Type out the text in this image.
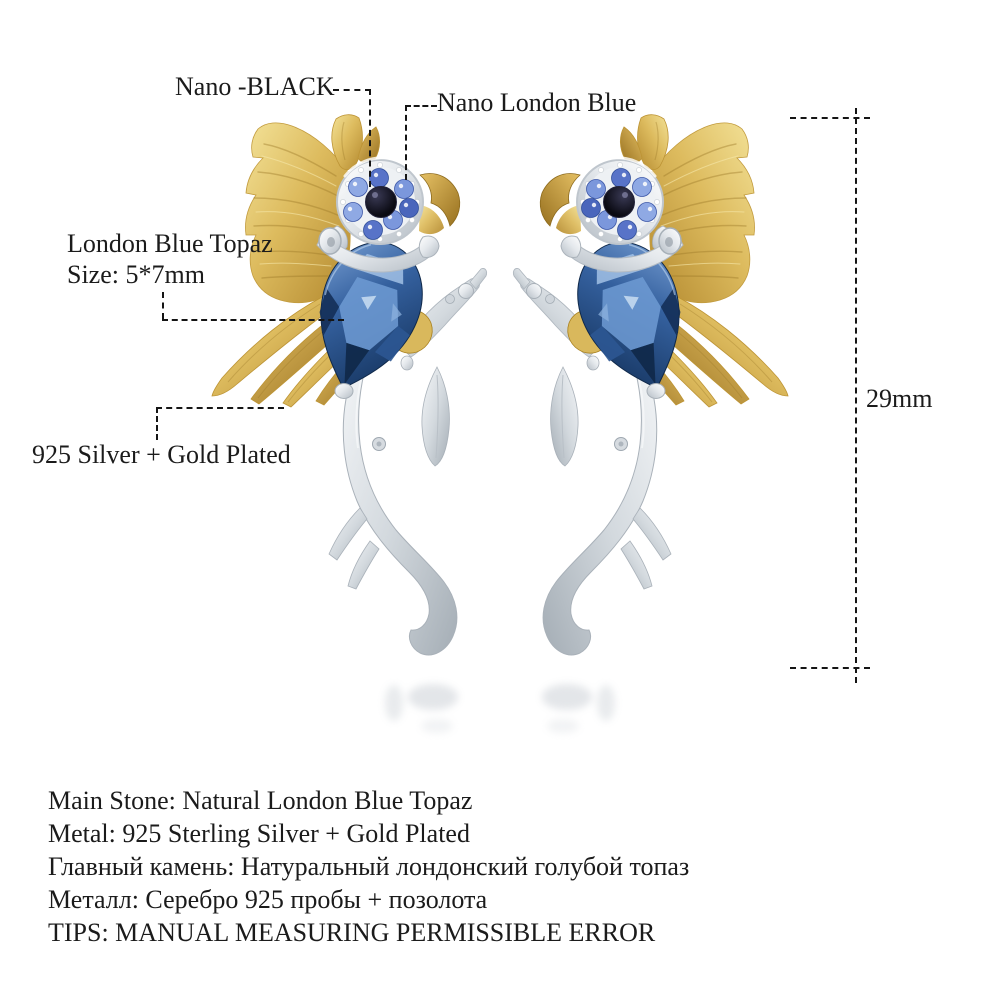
Nano -BLACK
Nano London Blue
London Blue Topaz
Size: 5*7mm
925 Silver + Gold Plated
29mm
Main Stone: Natural London Blue Topaz
Metal: 925 Sterling Silver + Gold Plated
Главный камень: Натуральный лондонский голубой топаз
Металл: Серебро 925 пробы + позолота
TIPS: MANUAL MEASURING PERMISSIBLE ERROR
